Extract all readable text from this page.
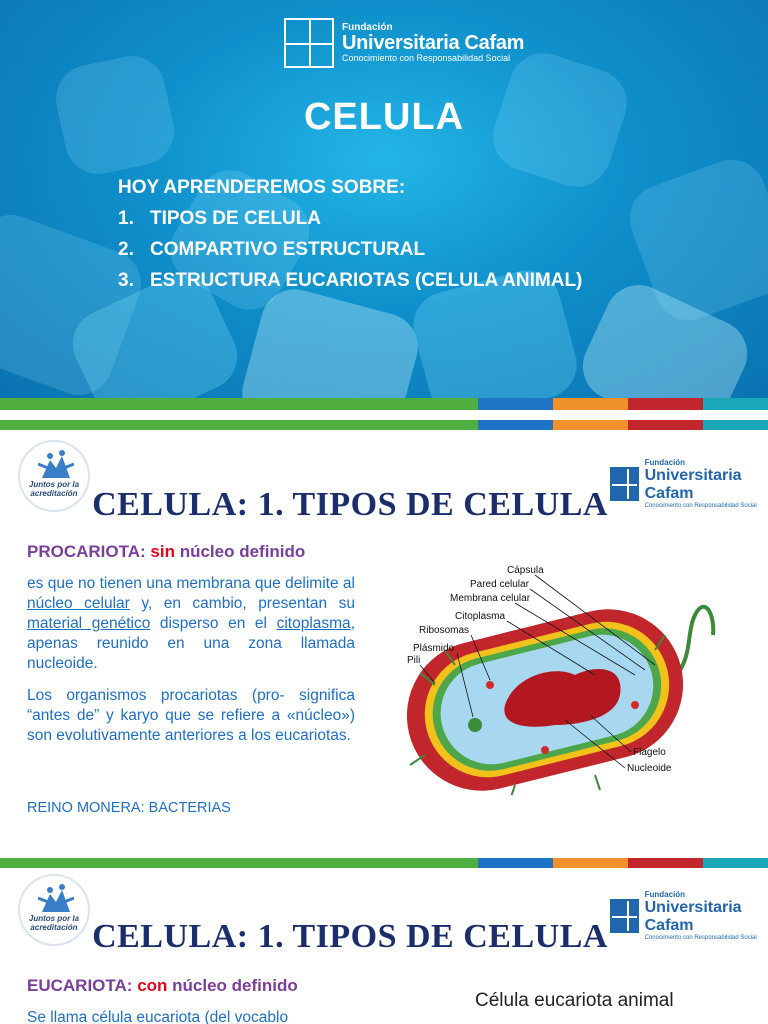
Fundación
Universitaria Cafam
Conocimiento con Responsabilidad Social
CELULA
HOY APRENDEREMOS SOBRE:
1. TIPOS DE CELULA
2. COMPARTIVO ESTRUCTURAL
3. ESTRUCTURA EUCARIOTAS (CELULA ANIMAL)
Juntos por la acreditación
Fundación
Universitaria Cafam
Conocimiento con Responsabilidad Social
CELULA: 1. TIPOS DE CELULA
PROCARIOTA: sin núcleo definido

es que no tienen una membrana que delimite al núcleo celular y, en cambio, presentan su material genético disperso en el citoplasma, apenas reunido en una zona llamada nucleoide.

Los organismos procariotas (pro- significa “antes de” y karyo que se refiere a «núcleo») son evolutivamente anteriores a los eucariotas.

REINO MONERA: BACTERIAS
Cápsula
Pared celular
Membrana celular
Citoplasma
Ribosomas
Plásmido
Pili
Flagelo
Nucleoide
Juntos por la acreditación
Fundación
Universitaria Cafam
Conocimiento con Responsabilidad Social
CELULA: 1. TIPOS DE CELULA
EUCARIOTA: con núcleo definido

Se llama célula eucariota (del vocablo

Célula eucariota animal
